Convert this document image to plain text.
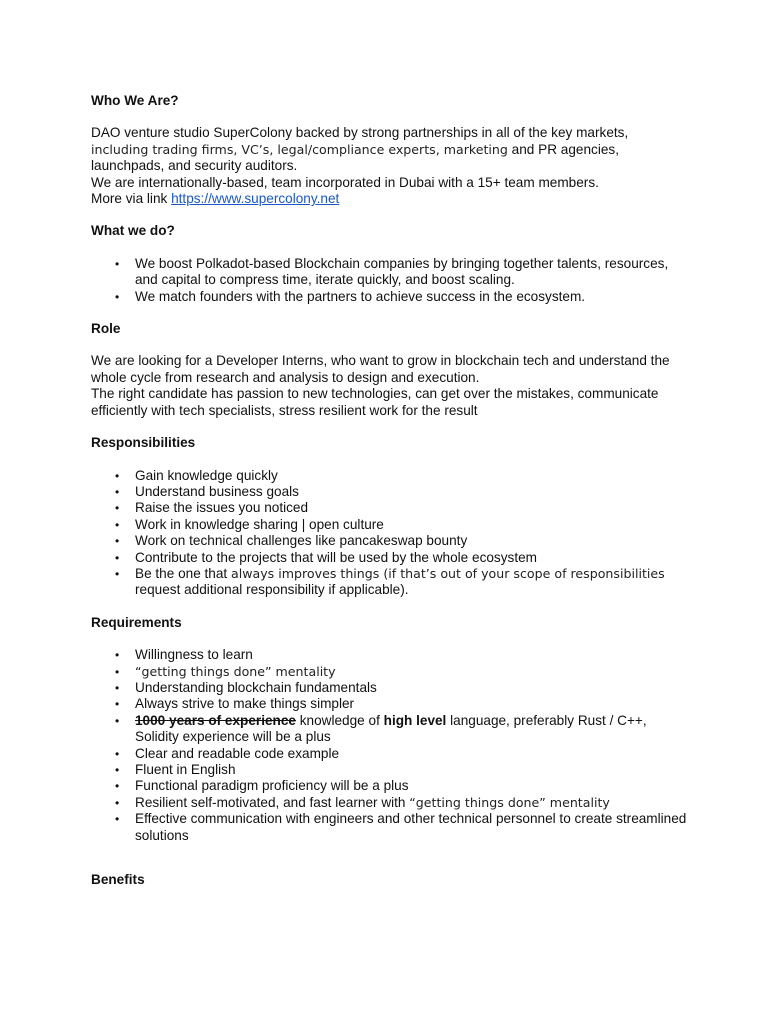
Who We Are?

DAO venture studio SuperColony backed by strong partnerships in all of the key markets,

including trading firms, VC’s, legal/compliance experts, marketing and PR agencies,

launchpads, and security auditors.

We are internationally-based, team incorporated in Dubai with a 15+ team members.

More via link https://www.supercolony.net

What we do?

• We boost Polkadot-based Blockchain companies by bringing together talents, resources, and capital to compress time, iterate quickly, and boost scaling.
• We match founders with the partners to achieve success in the ecosystem.

Role

We are looking for a Developer Interns, who want to grow in blockchain tech and understand the whole cycle from research and analysis to design and execution.

The right candidate has passion to new technologies, can get over the mistakes, communicate efficiently with tech specialists, stress resilient work for the result

Responsibilities

• Gain knowledge quickly
• Understand business goals
• Raise the issues you noticed
• Work in knowledge sharing | open culture
• Work on technical challenges like pancakeswap bounty
• Contribute to the projects that will be used by the whole ecosystem
• Be the one that always improves things (if that’s out of your scope of responsibilities
request additional responsibility if applicable).

Requirements

• Willingness to learn
• “getting things done” mentality
• Understanding blockchain fundamentals
• Always strive to make things simpler
• 1000 years of experience knowledge of high level language, preferably Rust / C++,
Solidity experience will be a plus
• Clear and readable code example
• Fluent in English
• Functional paradigm proficiency will be a plus
• Resilient self-motivated, and fast learner with “getting things done” mentality
• Effective communication with engineers and other technical personnel to create streamlined solutions

Benefits
